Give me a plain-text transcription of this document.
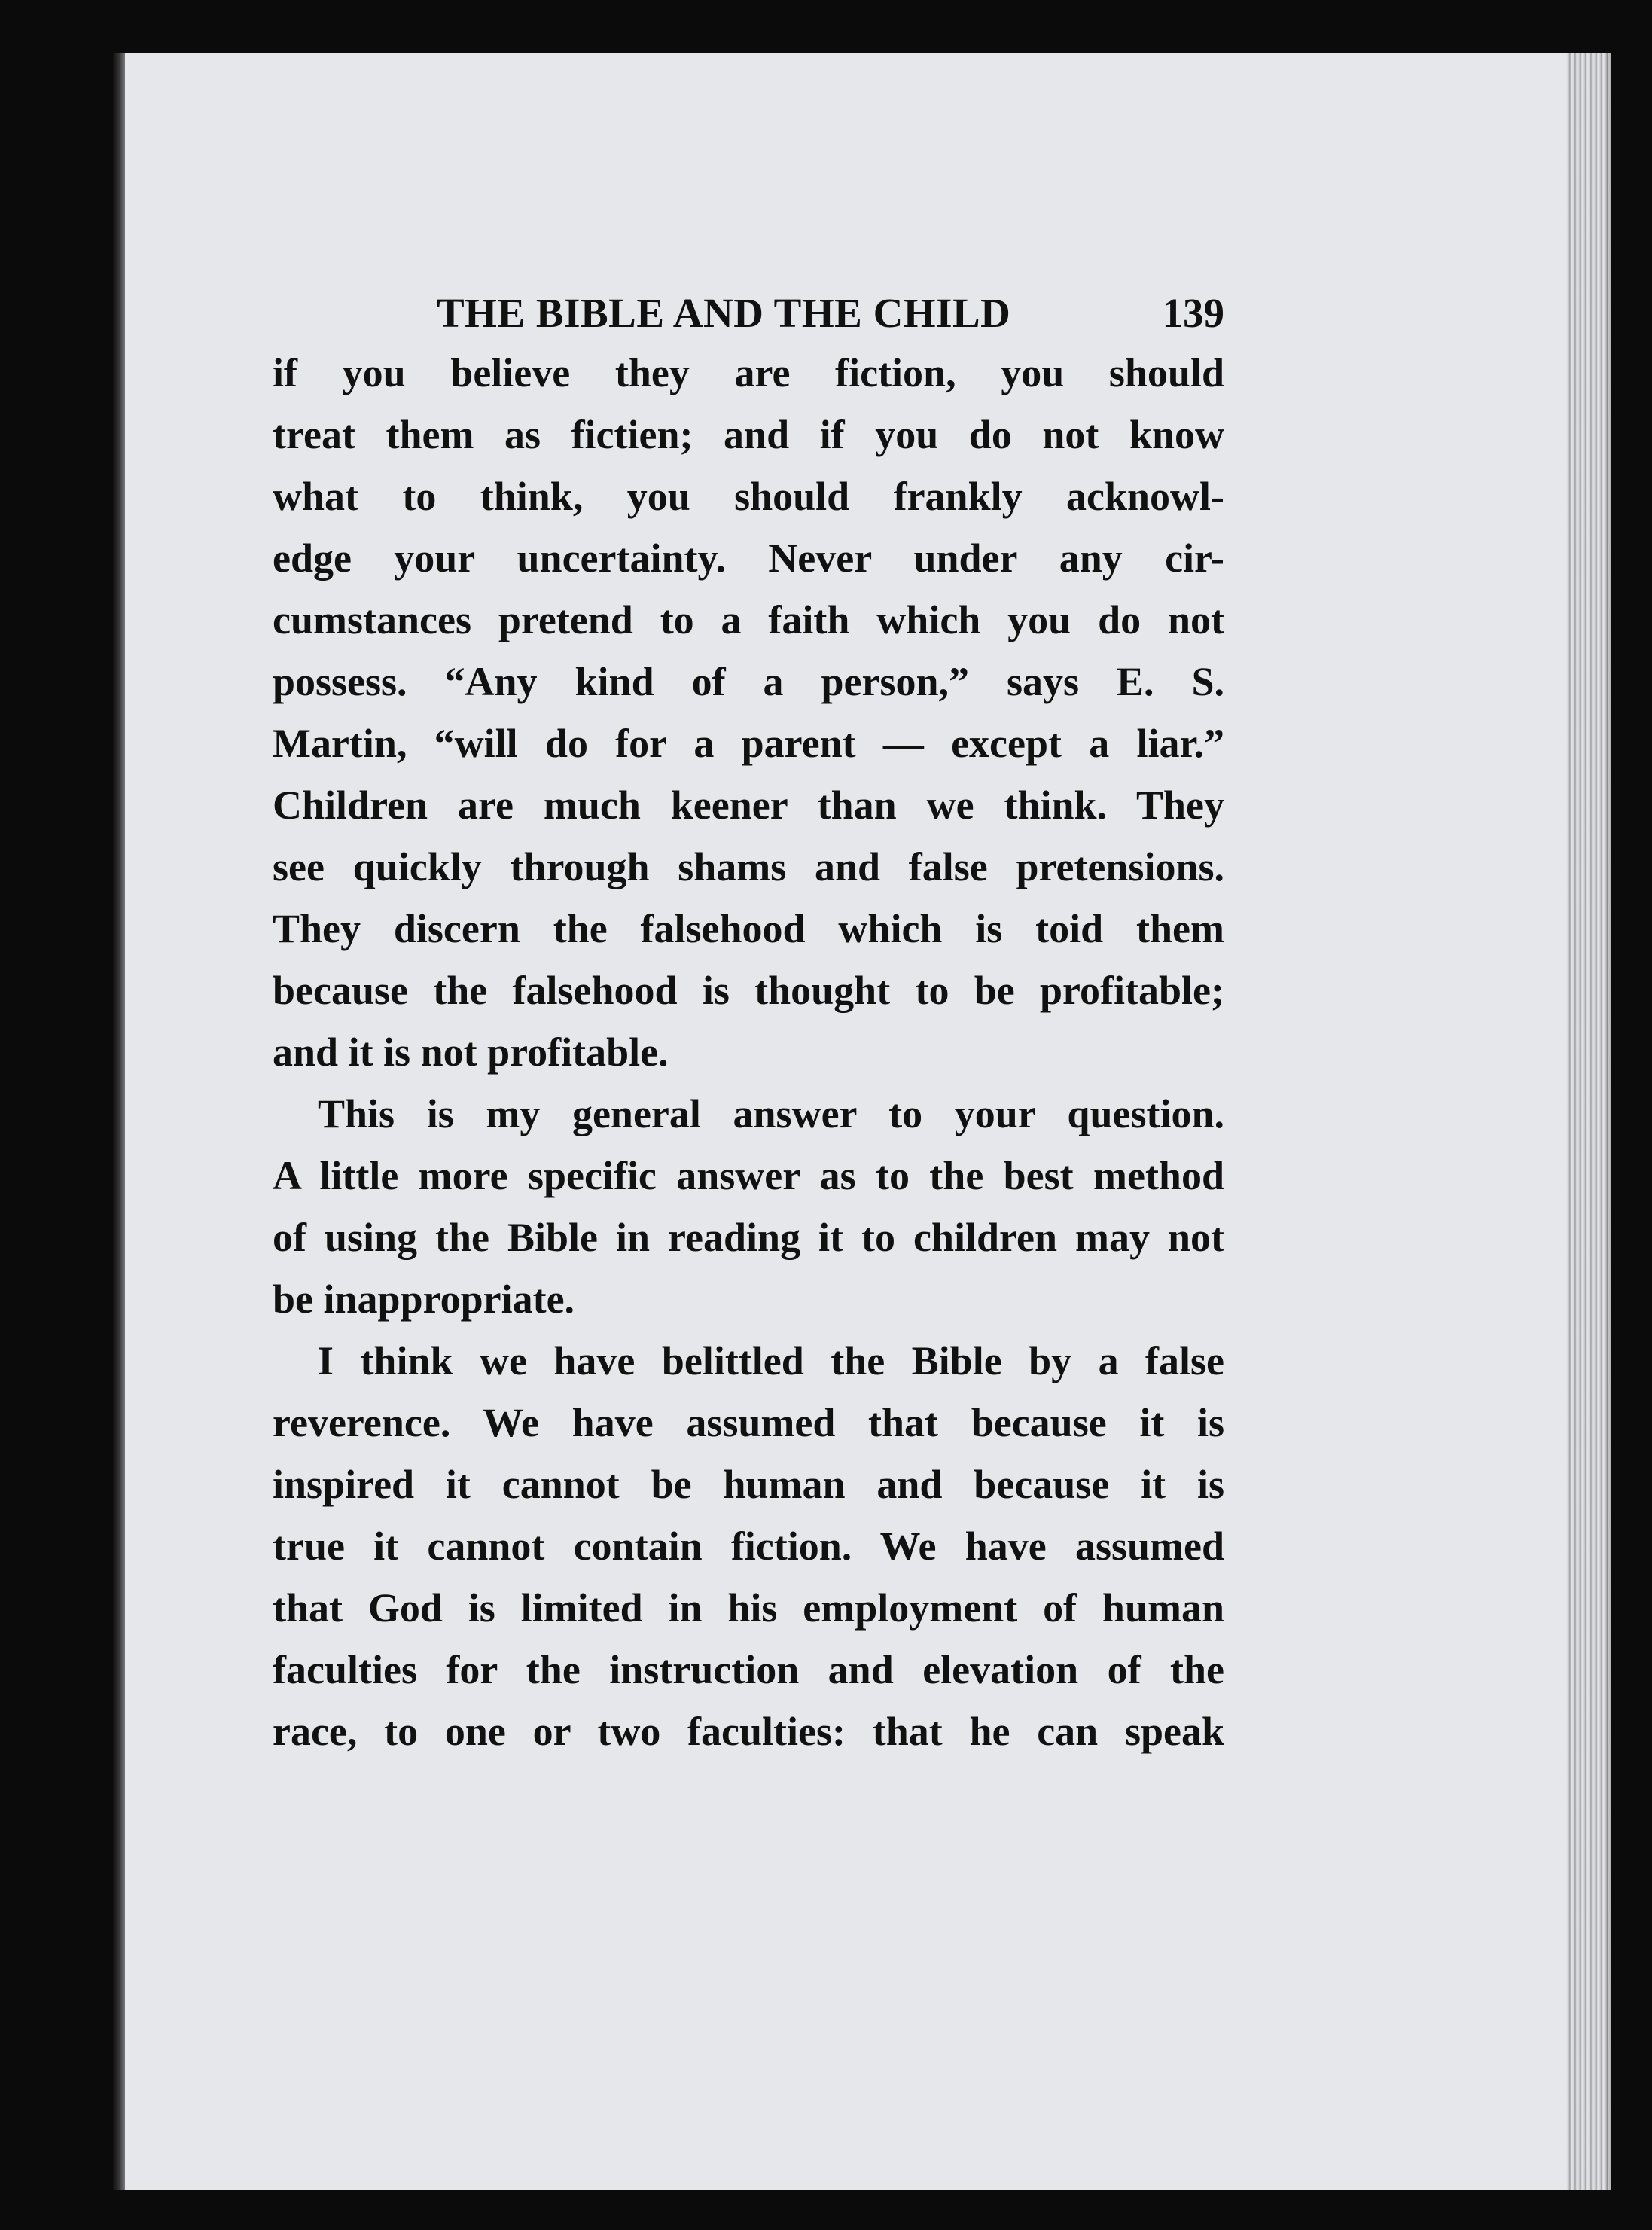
THE BIBLE AND THE CHILD	139
if you believe they are fiction, you should
treat them as fictien; and if you do not know
what to think, you should frankly acknowl-
edge your uncertainty. Never under any cir-
cumstances pretend to a faith which you do not
possess. “Any kind of a person,” says E. S.
Martin, “will do for a parent — except a liar.”
Children are much keener than we think. They
see quickly through shams and false pretensions.
They discern the falsehood which is toid them
because the falsehood is thought to be profitable;
and it is not profitable.
This is my general answer to your question.
A little more specific answer as to the best method
of using the Bible in reading it to children may not
be inappropriate.
I think we have belittled the Bible by a false
reverence. We have assumed that because it is
inspired it cannot be human and because it is
true it cannot contain fiction. We have assumed
that God is limited in his employment of human
faculties for the instruction and elevation of the
race, to one or two faculties: that he can speak
